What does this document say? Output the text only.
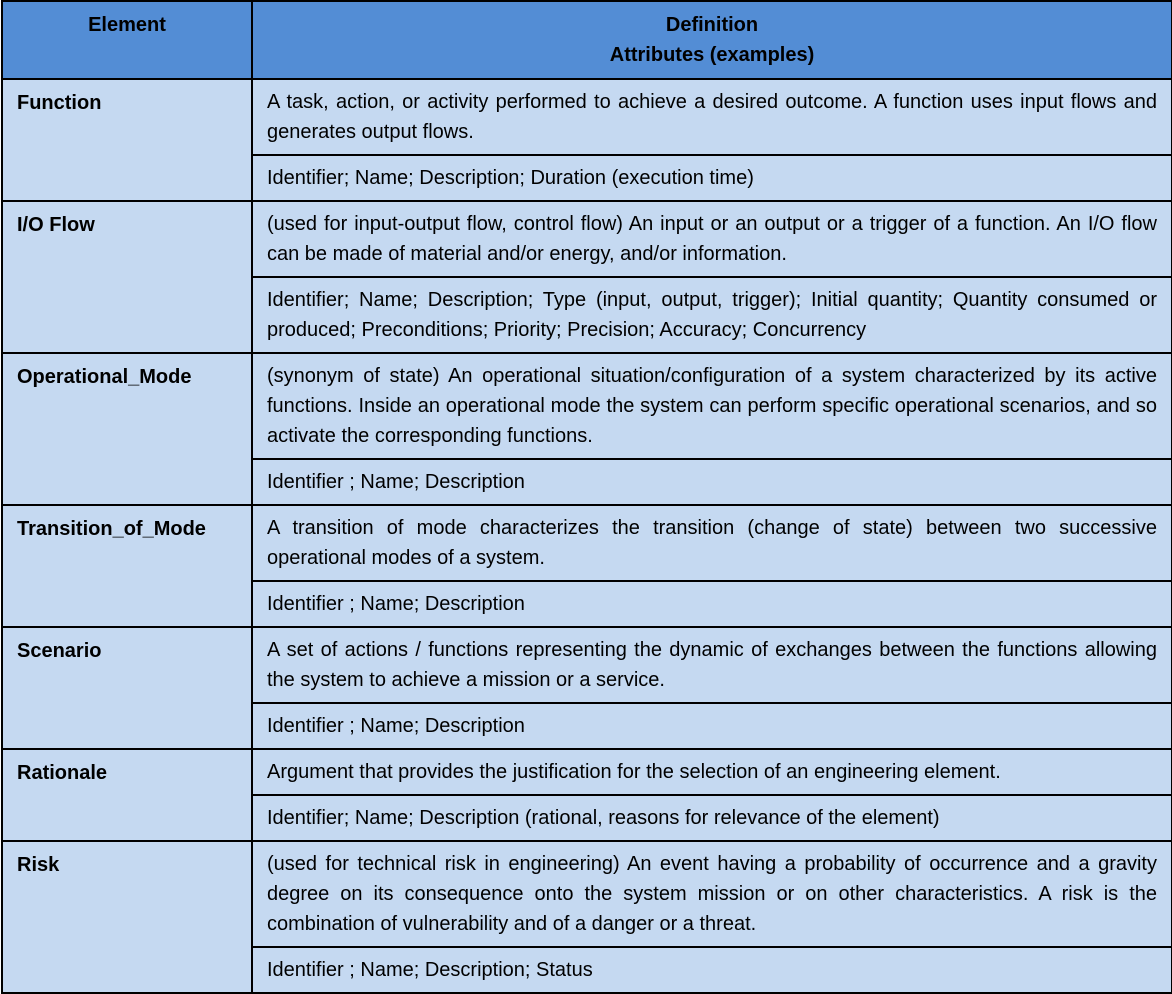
Element	Definition
Attributes (examples)

Function	A task, action, or activity performed to achieve a desired outcome. A function uses input flows and generates output flows.
	Identifier; Name; Description; Duration (execution time)
I/O Flow	(used for input-output flow, control flow) An input or an output or a trigger of a function. An I/O flow can be made of material and/or energy, and/or information.
	Identifier; Name; Description; Type (input, output, trigger); Initial quantity; Quantity consumed or produced; Preconditions; Priority; Precision; Accuracy; Concurrency
Operational_Mode	(synonym of state) An operational situation/configuration of a system characterized by its active functions. Inside an operational mode the system can perform specific operational scenarios, and so activate the corresponding functions.
	Identifier ; Name; Description
Transition_of_Mode	A transition of mode characterizes the transition (change of state) between two successive operational modes of a system.
	Identifier ; Name; Description
Scenario	A set of actions / functions representing the dynamic of exchanges between the functions allowing the system to achieve a mission or a service.
	Identifier ; Name; Description
Rationale	Argument that provides the justification for the selection of an engineering element.
	Identifier; Name; Description (rational, reasons for relevance of the element)
Risk	(used for technical risk in engineering) An event having a probability of occurrence and a gravity degree on its consequence onto the system mission or on other characteristics. A risk is the combination of vulnerability and of a danger or a threat.
	Identifier ; Name; Description; Status
